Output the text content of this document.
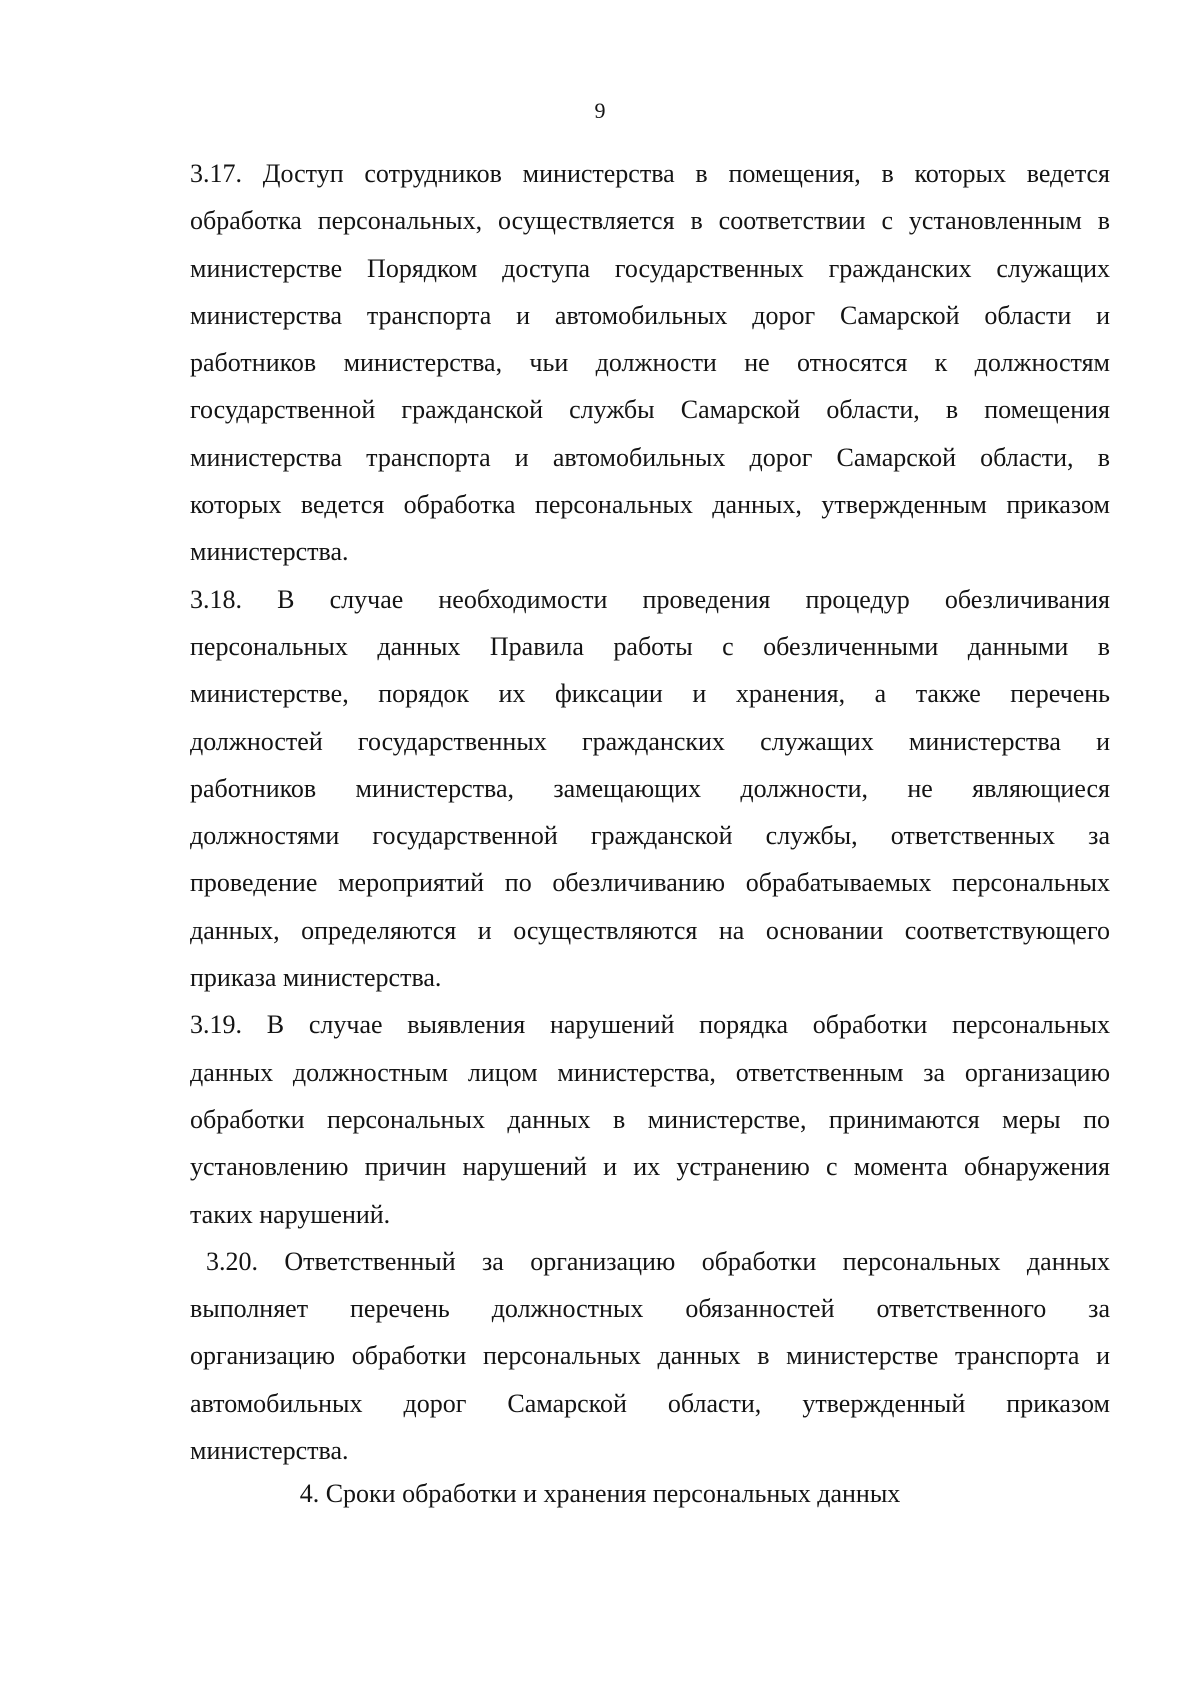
9
3.17. Доступ сотрудников министерства в помещения, в которых ведется
обработка персональных, осуществляется в соответствии с установленным в
министерстве Порядком доступа государственных гражданских служащих
министерства транспорта и автомобильных дорог Самарской области и
работников министерства, чьи должности не относятся к должностям
государственной гражданской службы Самарской области, в помещения
министерства транспорта и автомобильных дорог Самарской области, в
которых ведется обработка персональных данных, утвержденным приказом
министерства.
3.18. В случае необходимости проведения процедур обезличивания
персональных данных Правила работы с обезличенными данными в
министерстве, порядок их фиксации и хранения, а также перечень
должностей государственных гражданских служащих министерства и
работников министерства, замещающих должности, не являющиеся
должностями государственной гражданской службы, ответственных за
проведение мероприятий по обезличиванию обрабатываемых персональных
данных, определяются и осуществляются на основании соответствующего
приказа министерства.
3.19. В случае выявления нарушений порядка обработки персональных
данных должностным лицом министерства, ответственным за организацию
обработки персональных данных в министерстве, принимаются меры по
установлению причин нарушений и их устранению с момента обнаружения
таких нарушений.
3.20. Ответственный за организацию обработки персональных данных
выполняет перечень должностных обязанностей ответственного за
организацию обработки персональных данных в министерстве транспорта и
автомобильных дорог Самарской области, утвержденный приказом
министерства.
4. Сроки обработки и хранения персональных данных
